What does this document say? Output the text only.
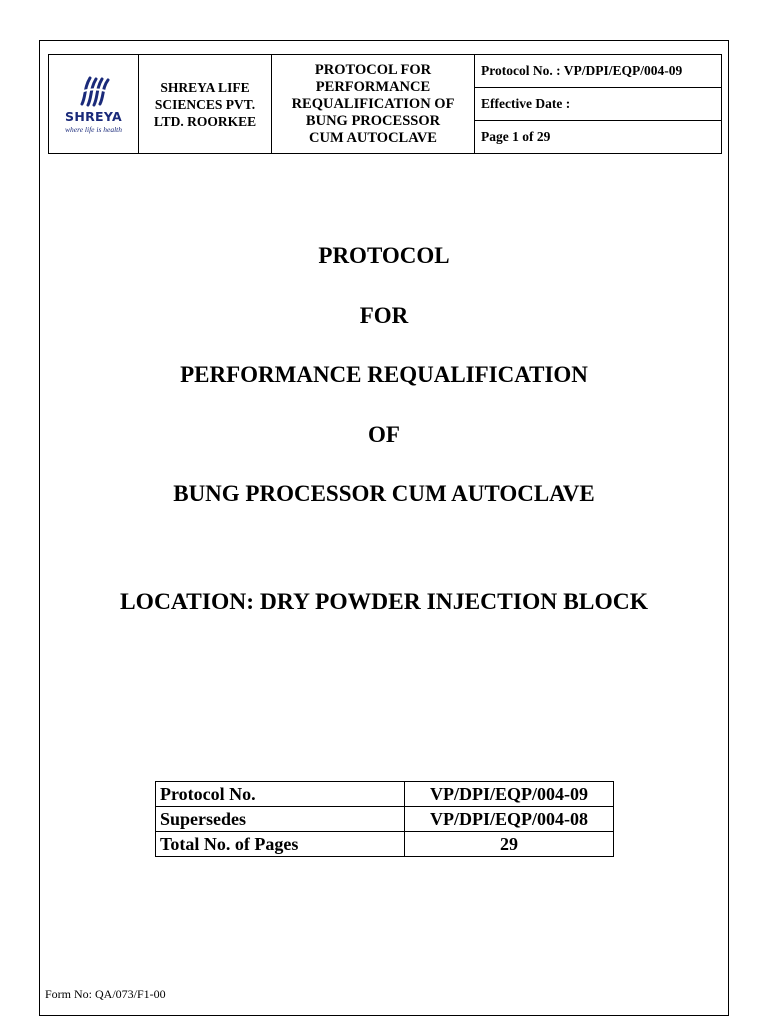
SHREYA
where life is health

SHREYA LIFE
SCIENCES PVT.
LTD. ROORKEE

PROTOCOL FOR
PERFORMANCE
REQUALIFICATION OF
BUNG PROCESSOR
CUM AUTOCLAVE
	Protocol No. : VP/DPI/EQP/004-09
Effective Date :
Page 1 of 29
PROTOCOL
FOR
PERFORMANCE REQUALIFICATION
OF
BUNG PROCESSOR CUM AUTOCLAVE
LOCATION: DRY POWDER INJECTION BLOCK
Protocol No.	VP/DPI/EQP/004-09
Supersedes	VP/DPI/EQP/004-08
Total No. of Pages	29
Form No: QA/073/F1-00
